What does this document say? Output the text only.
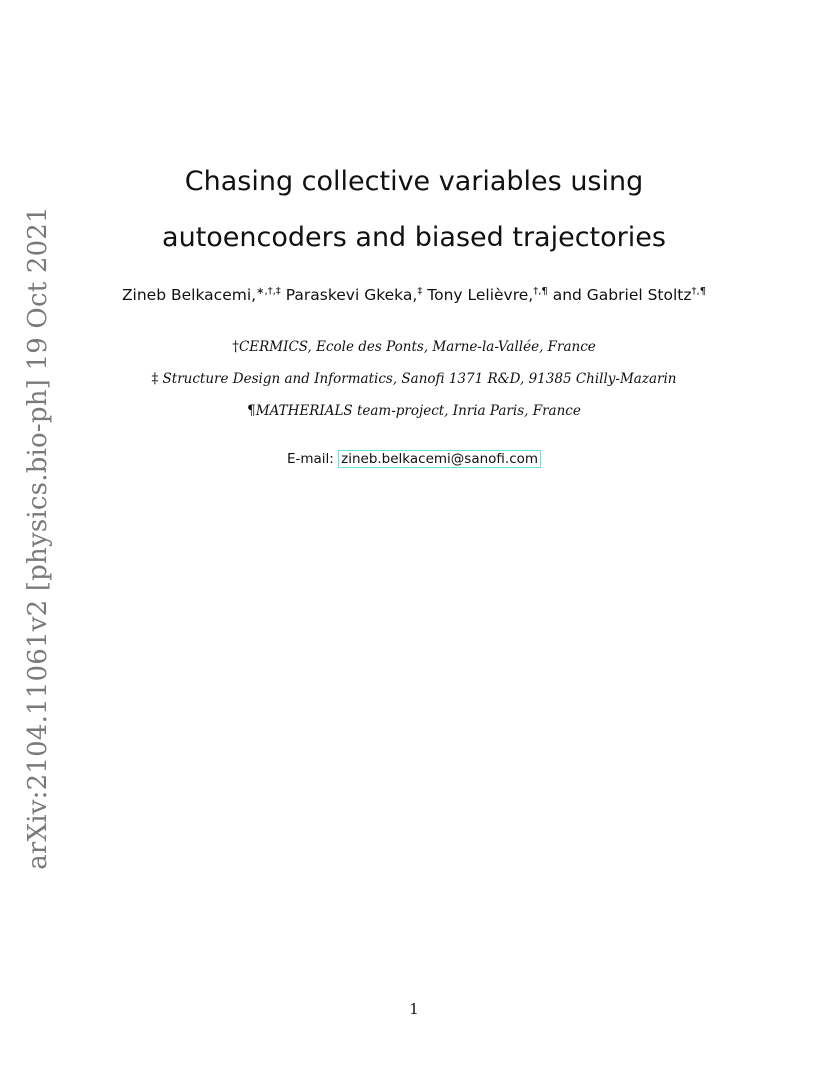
arXiv:2104.11061v2 [physics.bio-ph] 19 Oct 2021
Chasing collective variables using
autoencoders and biased trajectories
Zineb Belkacemi,∗,†,‡ Paraskevi Gkeka,‡ Tony Lelièvre,†,¶ and Gabriel Stoltz†,¶
†CERMICS, Ecole des Ponts, Marne-la-Vallée, France
‡ Structure Design and Informatics, Sanofi 1371 R&D, 91385 Chilly-Mazarin
¶MATHERIALS team-project, Inria Paris, France
E-mail: zineb.belkacemi@sanofi.com
1
